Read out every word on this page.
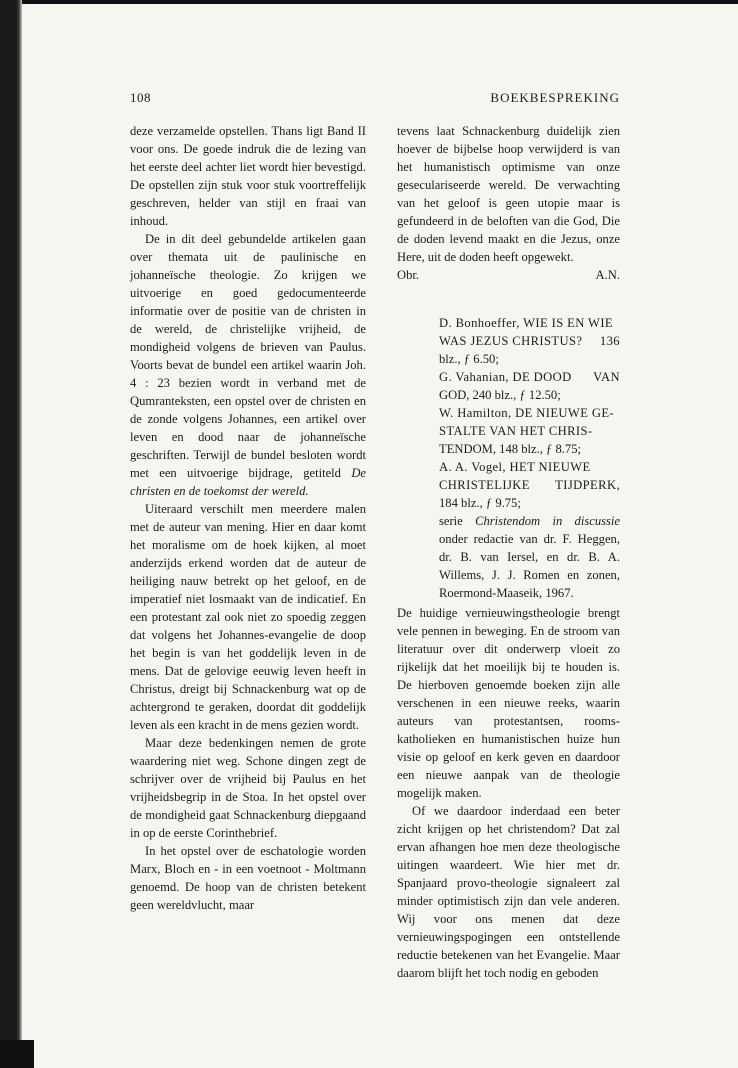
108	BOEKBESPREKING

deze verzamelde opstellen. Thans ligt Band II voor ons. De goede indruk die de lezing van het eerste deel achter liet wordt hier bevestigd. De opstellen zijn stuk voor stuk voortreffelijk geschreven, helder van stijl en fraai van inhoud.

De in dit deel gebundelde artikelen gaan over themata uit de paulinische en johanneïsche theologie. Zo krijgen we uitvoerige en goed gedocumenteerde informatie over de positie van de christen in de wereld, de christelijke vrijheid, de mondigheid volgens de brieven van Paulus. Voorts bevat de bundel een artikel waarin Joh. 4 : 23 bezien wordt in verband met de Qumranteksten, een opstel over de christen en de zonde volgens Johannes, een artikel over leven en dood naar de johanneïsche geschriften. Terwijl de bundel besloten wordt met een uitvoerige bijdrage, getiteld De christen en de toekomst der wereld.

Uiteraard verschilt men meerdere malen met de auteur van mening. Hier en daar komt het moralisme om de hoek kijken, al moet anderzijds erkend worden dat de auteur de heiliging nauw betrekt op het geloof, en de imperatief niet losmaakt van de indicatief. En een protestant zal ook niet zo spoedig zeggen dat volgens het Johannes-evangelie de doop het begin is van het goddelijk leven in de mens. Dat de gelovige eeuwig leven heeft in Christus, dreigt bij Schnackenburg wat op de achtergrond te geraken, doordat dit goddelijk leven als een kracht in de mens gezien wordt.

Maar deze bedenkingen nemen de grote waardering niet weg. Schone dingen zegt de schrijver over de vrijheid bij Paulus en het vrijheidsbegrip in de Stoa. In het opstel over de mondigheid gaat Schnackenburg diepgaand in op de eerste Corinthebrief.

In het opstel over de eschatologie worden Marx, Bloch en - in een voetnoot - Moltmann genoemd. De hoop van de christen betekent geen wereldvlucht, maar

tevens laat Schnackenburg duidelijk zien hoever de bijbelse hoop verwijderd is van het humanistisch optimisme van onze geseculariseerde wereld. De verwachting van het geloof is geen utopie maar is gefundeerd in de beloften van die God, Die de doden levend maakt en die Jezus, onze Here, uit de doden heeft opgewekt.

Obr.	A.N.
D. Bonhoeffer, WIE IS EN WIE
WAS JEZUS CHRISTUS? 136
blz., ƒ 6.50;
G. Vahanian, DE DOOD VAN
GOD, 240 blz., ƒ 12.50;
W. Hamilton, DE NIEUWE GE-
STALTE VAN HET CHRIS-
TENDOM, 148 blz., ƒ 8.75;
A. A. Vogel, HET NIEUWE
CHRISTELIJKE TIJDPERK,
184 blz., ƒ 9.75;
serie Christendom in discussie onder redactie van dr. F. Heggen, dr. B. van Iersel, en dr. B. A. Willems, J. J. Romen en zonen, Roermond-Maaseik, 1967.

De huidige vernieuwingstheologie brengt vele pennen in beweging. En de stroom van literatuur over dit onderwerp vloeit zo rijkelijk dat het moeilijk bij te houden is. De hierboven genoemde boeken zijn alle verschenen in een nieuwe reeks, waarin auteurs van protestantsen, rooms-katholieken en humanistischen huize hun visie op geloof en kerk geven en daardoor een nieuwe aanpak van de theologie mogelijk maken.

Of we daardoor inderdaad een beter zicht krijgen op het christendom? Dat zal ervan afhangen hoe men deze theologische uitingen waardeert. Wie hier met dr. Spanjaard provo-theologie signaleert zal minder optimistisch zijn dan vele anderen. Wij voor ons menen dat deze vernieuwingspogingen een ontstellende reductie betekenen van het Evangelie. Maar daarom blijft het toch nodig en geboden
